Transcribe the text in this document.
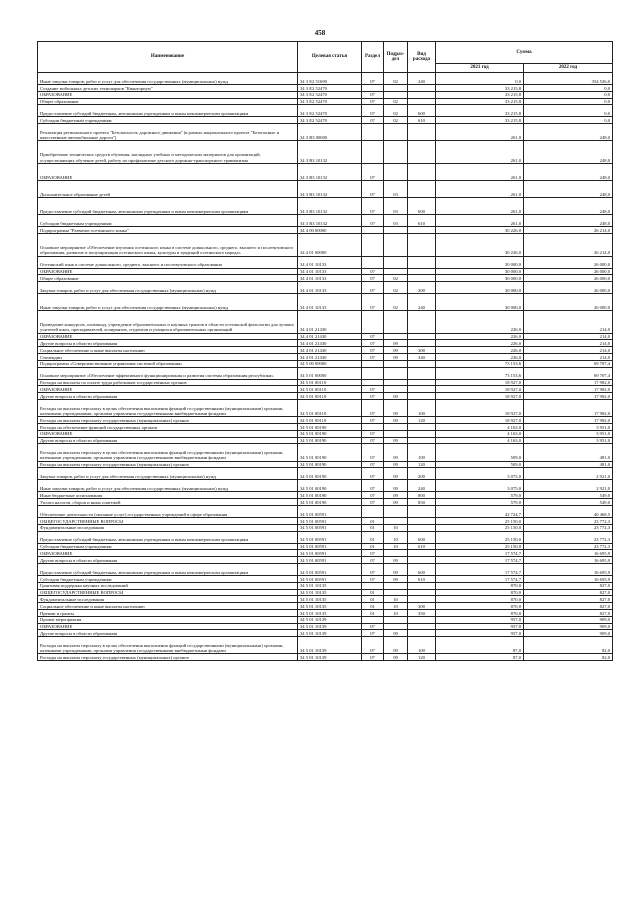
458
Наименование	Целевая статья	Раздел	Подраз-дел	Вид расхода	Сумма	
					2021 год	2022 год
Иные закупки товаров, работ и услуг для обеспечения государственных (муниципальных) нужд	34 3 Е2 51690	07	02	240	0,0	354 526,0
Создание мобильных детских технопарков "Кванториум"	34 3 Е2 52470				33 215,8	0,0
ОБРАЗОВАНИЕ	34 3 Е2 52470	07			33 215,8	0,0
Общее образование	34 3 Е2 52470	07	02		33 215,8	0,0
Предоставление субсидий бюджетным, автономным учреждениям и иным некоммерческим организациям	34 3 Е2 52470	07	02	600	33 215,8	0,0
Субсидии бюджетным учреждениям	34 3 Е2 52470	07	02	610	33 215,8	0,0
Реализация регионального проекта "Безопасность дорожного движения" (в рамках национального проекта "Безопасные и качественные автомобильные дороги")	34 3 R3 00000				261,0	248,0
Приобретение технических средств обучения, наглядных учебных и методических материалов для организаций, осуществляющих обучение детей, работу по профилактике детского дорожно-транспортного травматизма	34 3 R3 10132				261,0	248,0
ОБРАЗОВАНИЕ	34 3 R3 10132	07			261,0	248,0
Дополнительное образование детей	34 3 R3 10132	07	03		261,0	248,0
Предоставление субсидий бюджетным, автономным учреждениям и иным некоммерческим организациям	34 3 R3 10132	07	03	600	261,0	248,0
Субсидии бюджетным учреждениям	34 3 R3 10132	07	03	610	261,0	248,0
Подпрограмма "Развитие осетинского языка"	34 4 00 00000				30 226,0	26 214,0
Основное мероприятие «Обеспечение изучения осетинского языка в системе дошкольного, среднего, высшего и послевузовского образования, развитие и популяризация осетинского языка, культуры и традиций осетинского народа»	34 4 01 00000				30 226,0	26 214,0
Осетинский язык в системе дошкольного, среднего, высшего и послевузовского образования	34 4 01 10133				30 000,0	26 000,0
ОБРАЗОВАНИЕ	34 4 01 10133	07			30 000,0	26 000,0
Общее образование	34 4 01 10133	07	02		30 000,0	26 000,0
Закупка товаров, работ и услуг для обеспечения государственных (муниципальных) нужд	34 4 01 10133	07	02	200	30 000,0	26 000,0
Иные закупки товаров, работ и услуг для обеспечения государственных (муниципальных) нужд	34 4 01 10133	07	02	240	30 000,0	26 000,0
Проведение конкурсов, олимпиад, учреждение образовательных и научных грантов в области осетинской филологии для лучших учителей школ, преподавателей, аспирантов, студентов и учащихся образовательных организаций	34 4 01 21430				226,0	214,0
ОБРАЗОВАНИЕ	34 4 01 21430	07			226,0	214,0
Другие вопросы в области образования	34 4 01 21430	07	09		226,0	214,0
Социальное обеспечение и иные выплаты населению	34 4 01 21430	07	09	300	226,0	214,0
Стипендии	34 4 01 21430	07	09	340	226,0	214,0
Подпрограмма «Совершенствование управления системой образования»	34 5 00 00000				73 153,6	69 707,4
Основное мероприятие «Обеспечение эффективного функционирования и развития системы образования республики»	34 5 01 00000				73 153,6	69 707,4
Расходы на выплаты по оплате труда работников государственных органов	34 5 01 00110				18 927,0	17 982,0
ОБРАЗОВАНИЕ	34 5 01 00110	07			18 927,0	17 982,0
Другие вопросы в области образования	34 5 01 00110	07	09		18 927,0	17 982,0
Расходы на выплаты персоналу в целях обеспечения выполнения функций государственными (муниципальными) органами, казенными учреждениями, органами управления государственными внебюджетными фондами	34 5 01 00110	07	09	100	18 927,0	17 982,0
Расходы на выплаты персоналу государственных (муниципальных) органов	34 5 01 00110	07	09	120	18 927,0	17 982,0
Расходы на обеспечение функций государственных органов	34 5 01 00190				4 163,0	3 951,0
ОБРАЗОВАНИЕ	34 5 01 00190	07			4 163,0	3 951,0
Другие вопросы в области образования	34 5 01 00190	07	09		4 163,0	3 951,0
Расходы на выплаты персоналу в целях обеспечения выполнения функций государственными (муниципальными) органами, казенными учреждениями, органами управления государственными внебюджетными фондами	34 5 01 00190	07	09	100	509,0	481,0
Расходы на выплаты персоналу государственных (муниципальных) органов	34 5 01 00190	07	09	120	509,0	481,0
Закупка товаров, работ и услуг для обеспечения государственных (муниципальных) нужд	34 5 01 00190	07	09	200	3 075,0	2 921,0
Иные закупки товаров, работ и услуг для обеспечения государственных (муниципальных) нужд	34 5 01 00190	07	09	240	3 075,0	2 921,0
Иные бюджетные ассигнования	34 5 01 00190	07	09	800	579,0	549,0
Уплата налогов, сборов и иных платежей	34 5 01 00190	07	09	850	579,0	549,0
Обеспечение деятельности (оказание услуг) государственных учреждений в сфере образования	34 5 01 00591				42 724,7	40 468,5
ОБЩЕГОСУДАРСТВЕННЫЕ ВОПРОСЫ	34 5 01 00591	01			25 150,0	23 772,3
Фундаментальные исследования	34 5 01 00591	01	10		25 150,0	23 772,3
Предоставление субсидий бюджетным, автономным учреждениям и иным некоммерческим организациям	34 5 01 00591	01	10	600	25 150,0	23 772,3
Субсидии бюджетным учреждениям	34 5 01 00591	01	10	610	25 150,0	23 772,3
ОБРАЗОВАНИЕ	34 5 01 00591	07			17 574,7	16 695,9
Другие вопросы в области образования	34 5 01 00591	07	09		17 574,7	16 695,9
Предоставление субсидий бюджетным, автономным учреждениям и иным некоммерческим организациям	34 5 01 00591	07	09	600	17 574,7	16 695,9
Субсидии бюджетным учреждениям	34 5 01 00591	07	09	610	17 574,7	16 695,9
Грантовая поддержка научных исследований	34 5 01 10135				870,0	827,0
ОБЩЕГОСУДАРСТВЕННЫЕ ВОПРОСЫ	34 5 01 10135	01			870,0	827,0
Фундаментальные исследования	34 5 01 10135	01	10		870,0	827,0
Социальное обеспечение и иные выплаты населению	34 5 01 10135	01	10	300	870,0	827,0
Премии и гранты	34 5 01 10135	01	10	350	870,0	827,0
Прочие мероприятия	34 5 01 10139				957,0	909,0
ОБРАЗОВАНИЕ	34 5 01 10139	07			957,0	909,0
Другие вопросы в области образования	34 5 01 10139	07	09		957,0	909,0
Расходы на выплаты персоналу в целях обеспечения выполнения функций государственными (муниципальными) органами, казенными учреждениями, органами управления государственными внебюджетными фондами	34 5 01 10139	07	09	100	87,0	82,0
Расходы на выплаты персоналу государственных (муниципальных) органов	34 5 01 10139	07	09	120	87,0	82,0
